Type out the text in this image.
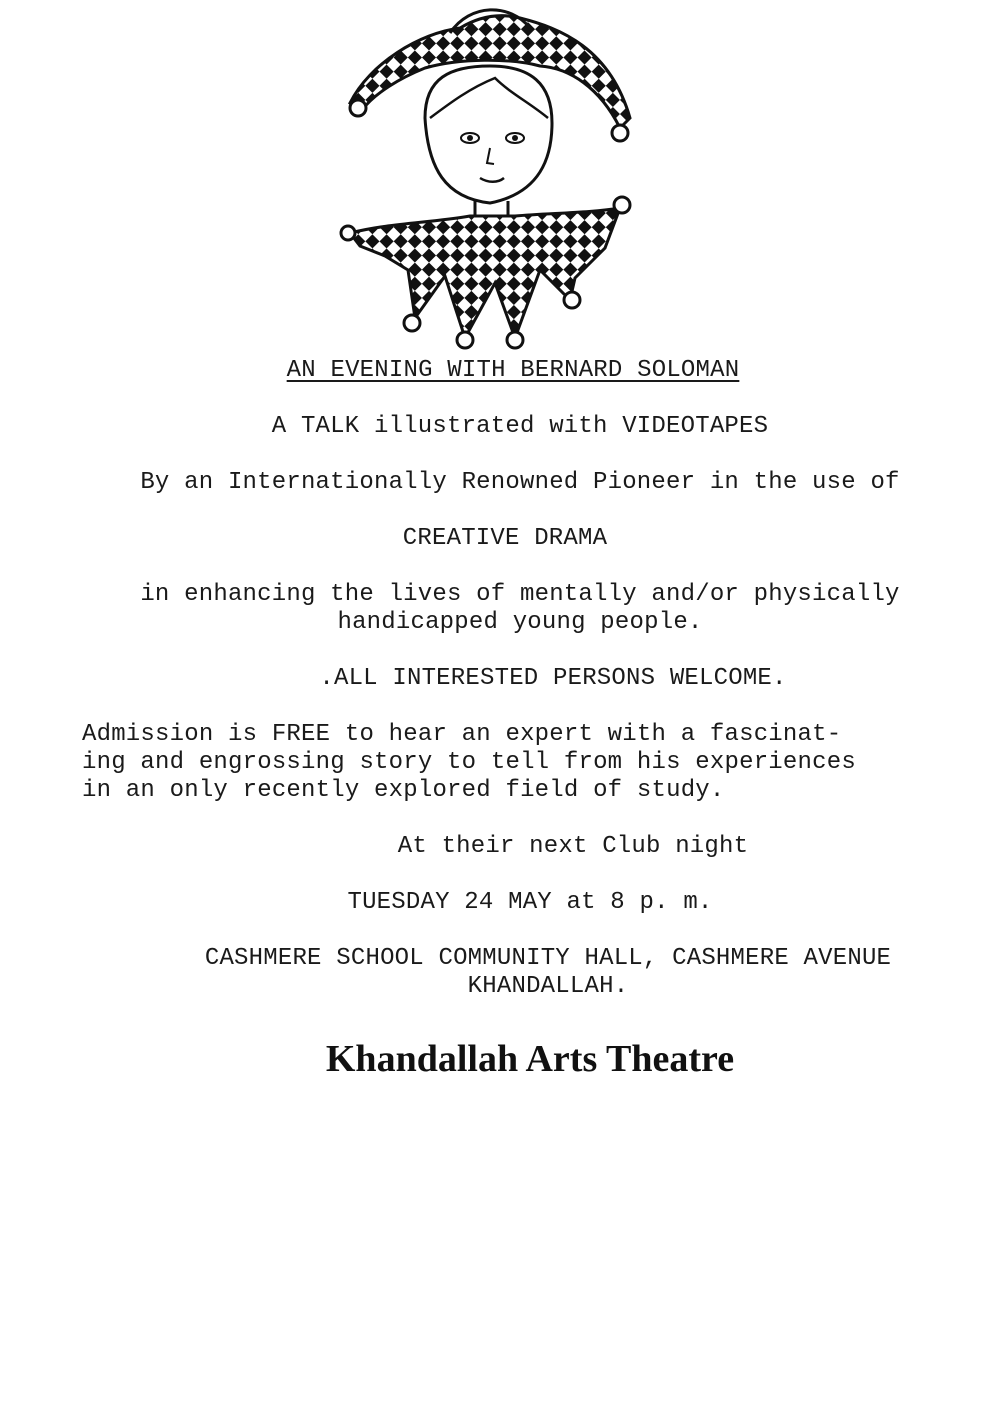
AN EVENING WITH BERNARD SOLOMAN
A TALK illustrated with VIDEOTAPES
By an Internationally Renowned Pioneer in the use of
CREATIVE DRAMA
in enhancing the lives of mentally and/or physically
handicapped young people.
.ALL INTERESTED PERSONS WELCOME.
Admission is FREE to hear an expert with a fascinat-
ing and engrossing story to tell from his experiences
in an only recently explored field of study.
At their next Club night
TUESDAY 24 MAY at 8 p. m.
CASHMERE SCHOOL COMMUNITY HALL, CASHMERE AVENUE
KHANDALLAH.
Khandallah Arts Theatre
